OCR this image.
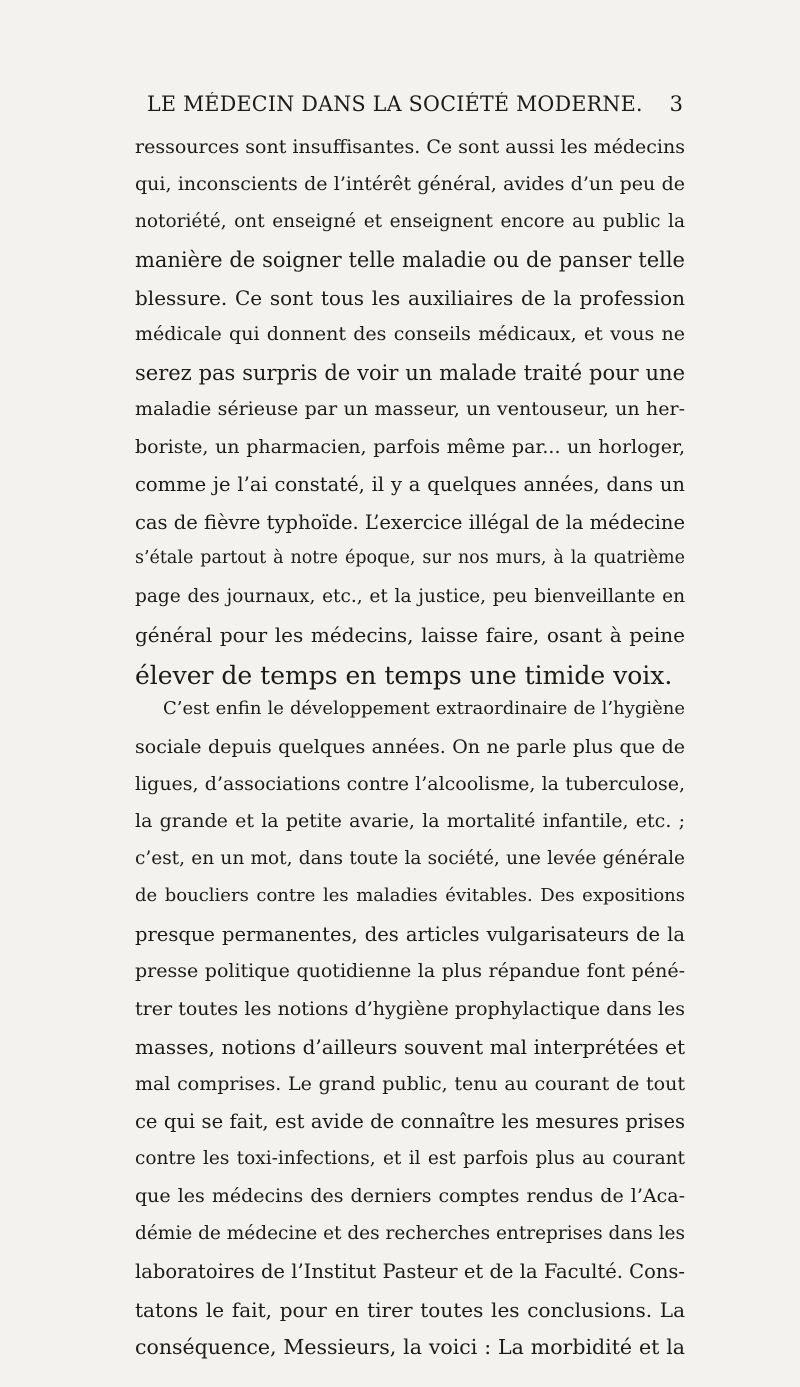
LE MÉDECIN DANS LA SOCIÉTÉ MODERNE. 3
ressources sont insuffisantes. Ce sont aussi les médecins
qui, inconscients de l’intérêt général, avides d’un peu de
notoriété, ont enseigné et enseignent encore au public la
manière de soigner telle maladie ou de panser telle
blessure. Ce sont tous les auxiliaires de la profession
médicale qui donnent des conseils médicaux, et vous ne
serez pas surpris de voir un malade traité pour une
maladie sérieuse par un masseur, un ventouseur, un her-
boriste, un pharmacien, parfois même par... un horloger,
comme je l’ai constaté, il y a quelques années, dans un
cas de fièvre typhoïde. L’exercice illégal de la médecine
s’étale partout à notre époque, sur nos murs, à la quatrième
page des journaux, etc., et la justice, peu bienveillante en
général pour les médecins, laisse faire, osant à peine
élever de temps en temps une timide voix.
C’est enfin le développement extraordinaire de l’hygiène
sociale depuis quelques années. On ne parle plus que de
ligues, d’associations contre l’alcoolisme, la tuberculose,
la grande et la petite avarie, la mortalité infantile, etc. ;
c’est, en un mot, dans toute la société, une levée générale
de boucliers contre les maladies évitables. Des expositions
presque permanentes, des articles vulgarisateurs de la
presse politique quotidienne la plus répandue font péné-
trer toutes les notions d’hygiène prophylactique dans les
masses, notions d’ailleurs souvent mal interprétées et
mal comprises. Le grand public, tenu au courant de tout
ce qui se fait, est avide de connaître les mesures prises
contre les toxi-infections, et il est parfois plus au courant
que les médecins des derniers comptes rendus de l’Aca-
démie de médecine et des recherches entreprises dans les
laboratoires de l’Institut Pasteur et de la Faculté. Cons-
tatons le fait, pour en tirer toutes les conclusions. La
conséquence, Messieurs, la voici : La morbidité et la
